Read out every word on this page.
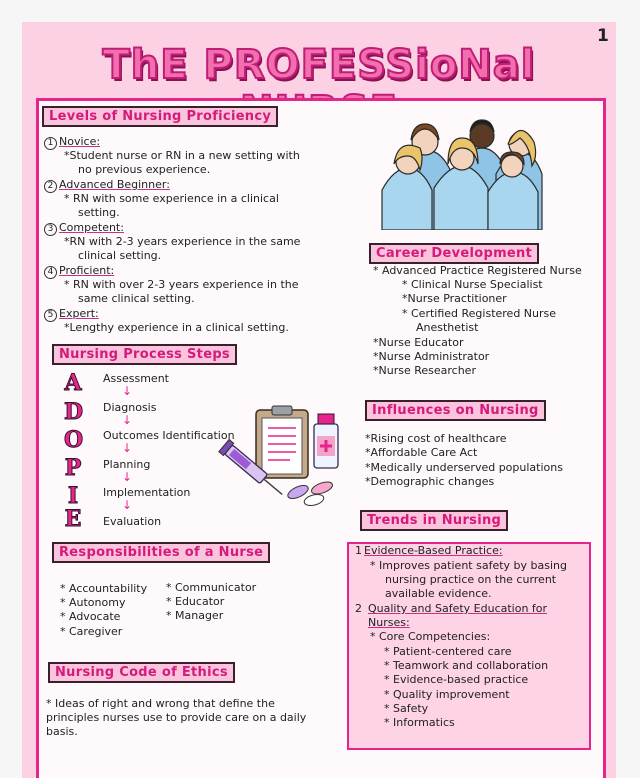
1
ThE PROFESSioNal
Levels of Nursing Proficiency
1 Novice:
*Student nurse or RN in a new setting with
no previous experience.
2 Advanced Beginner:
* RN with some experience in a clinical
setting.
3 Competent:
*RN with 2-3 years experience in the same
clinical setting.
4 Proficient:
* RN with over 2-3 years experience in the
same clinical setting.
5 Expert:
*Lengthy experience in a clinical setting.
Nursing Process Steps
A
D
O
P
I
E
Assessment
↓
Diagnosis
↓
Outcomes Identification
↓
Planning
↓
Implementation
↓
Evaluation
Responsibilities of a Nurse
* Accountability
* Autonomy
* Advocate
* Caregiver
* Communicator
* Educator
* Manager
Nursing Code of Ethics
* Ideas of right and wrong that define the
principles nurses use to provide care on a daily
basis.
Career Development
* Advanced Practice Registered Nurse
* Clinical Nurse Specialist
*Nurse Practitioner
* Certified Registered Nurse
Anesthetist
*Nurse Educator
*Nurse Administrator
*Nurse Researcher
Influences on Nursing
*Rising cost of healthcare
*Affordable Care Act
*Medically underserved populations
*Demographic changes
Trends in Nursing
1 Evidence-Based Practice:
* Improves patient safety by basing
nursing practice on the current
available evidence.
2 Quality and Safety Education for
Nurses:
* Core Competencies:
* Patient-centered care
* Teamwork and collaboration
* Evidence-based practice
* Quality improvement
* Safety
* Informatics
